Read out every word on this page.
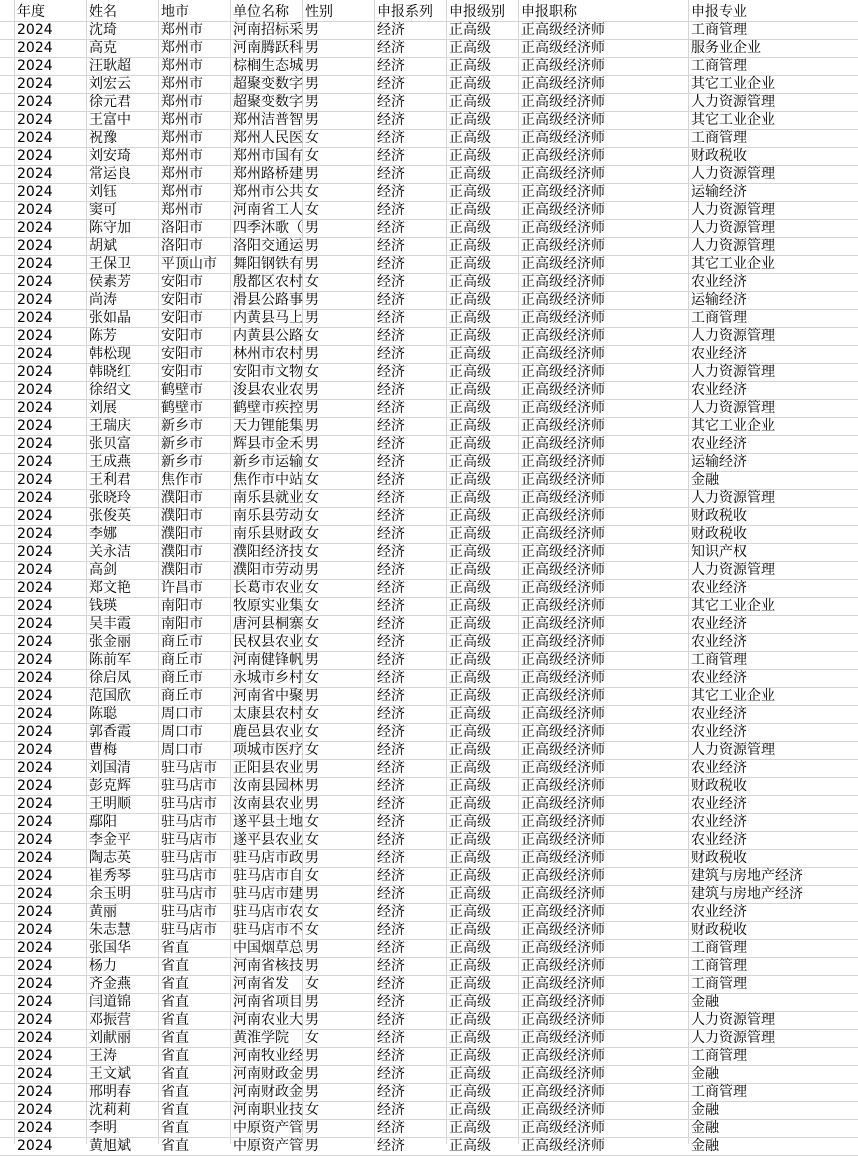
年度	姓名	地市	单位名称	性别	申报系列	申报级别	申报职称	申报专业
2024	沈琦	郑州市	河南招标采 男	经济	正高级	正高级经济师	工商管理
2024	高克	郑州市	河南腾跃科 男	经济	正高级	正高级经济师	服务业企业
2024	汪耿超	郑州市	棕榈生态城 男	经济	正高级	正高级经济师	工商管理
2024	刘宏云	郑州市	超聚变数字 男	经济	正高级	正高级经济师	其它工业企业
2024	徐元君	郑州市	超聚变数字 男	经济	正高级	正高级经济师	人力资源管理
2024	王富中	郑州市	郑州洁普智 男	经济	正高级	正高级经济师	其它工业企业
2024	祝豫	郑州市	郑州人民医 女	经济	正高级	正高级经济师	工商管理
2024	刘安琦	郑州市	郑州市国有 女	经济	正高级	正高级经济师	财政税收
2024	常运良	郑州市	郑州路桥建 男	经济	正高级	正高级经济师	人力资源管理
2024	刘钰	郑州市	郑州市公共 女	经济	正高级	正高级经济师	运输经济
2024	窦可	郑州市	河南省工人 女	经济	正高级	正高级经济师	人力资源管理
2024	陈守加	洛阳市	四季沐歌（ 男	经济	正高级	正高级经济师	人力资源管理
2024	胡斌	洛阳市	洛阳交通运 男	经济	正高级	正高级经济师	人力资源管理
2024	王保卫	平顶山市	舞阳钢铁有 男	经济	正高级	正高级经济师	其它工业企业
2024	侯素芳	安阳市	殷都区农村 女	经济	正高级	正高级经济师	农业经济
2024	尚涛	安阳市	滑县公路事 男	经济	正高级	正高级经济师	运输经济
2024	张如晶	安阳市	内黄县马上 男	经济	正高级	正高级经济师	工商管理
2024	陈芳	安阳市	内黄县公路 女	经济	正高级	正高级经济师	人力资源管理
2024	韩松现	安阳市	林州市农村 男	经济	正高级	正高级经济师	农业经济
2024	韩晓红	安阳市	安阳市文物 女	经济	正高级	正高级经济师	人力资源管理
2024	徐绍文	鹤壁市	浚县农业农 男	经济	正高级	正高级经济师	农业经济
2024	刘展	鹤壁市	鹤壁市疾控 男	经济	正高级	正高级经济师	人力资源管理
2024	王瑞庆	新乡市	天力锂能集 男	经济	正高级	正高级经济师	其它工业企业
2024	张贝富	新乡市	辉县市金禾 男	经济	正高级	正高级经济师	农业经济
2024	王成燕	新乡市	新乡市运输 女	经济	正高级	正高级经济师	运输经济
2024	王利君	焦作市	焦作市中站 女	经济	正高级	正高级经济师	金融
2024	张晓玲	濮阳市	南乐县就业 女	经济	正高级	正高级经济师	人力资源管理
2024	张俊英	濮阳市	南乐县劳动 女	经济	正高级	正高级经济师	财政税收
2024	李娜	濮阳市	南乐县财政 女	经济	正高级	正高级经济师	财政税收
2024	关永洁	濮阳市	濮阳经济技 女	经济	正高级	正高级经济师	知识产权
2024	高剑	濮阳市	濮阳市劳动 男	经济	正高级	正高级经济师	人力资源管理
2024	郑文艳	许昌市	长葛市农业 女	经济	正高级	正高级经济师	农业经济
2024	钱瑛	南阳市	牧原实业集 女	经济	正高级	正高级经济师	其它工业企业
2024	吴丰霞	南阳市	唐河县桐寨 女	经济	正高级	正高级经济师	农业经济
2024	张金丽	商丘市	民权县农业 女	经济	正高级	正高级经济师	农业经济
2024	陈前军	商丘市	河南健锋帆 男	经济	正高级	正高级经济师	工商管理
2024	徐启凤	商丘市	永城市乡村 女	经济	正高级	正高级经济师	农业经济
2024	范国欣	商丘市	河南省中聚 男	经济	正高级	正高级经济师	其它工业企业
2024	陈聪	周口市	太康县农村 女	经济	正高级	正高级经济师	农业经济
2024	郭香霞	周口市	鹿邑县农业 女	经济	正高级	正高级经济师	农业经济
2024	曹梅	周口市	项城市医疗 女	经济	正高级	正高级经济师	人力资源管理
2024	刘国清	驻马店市	正阳县农业 男	经济	正高级	正高级经济师	农业经济
2024	彭克辉	驻马店市	汝南县园林 男	经济	正高级	正高级经济师	财政税收
2024	王明顺	驻马店市	汝南县农业 男	经济	正高级	正高级经济师	农业经济
2024	鄢阳	驻马店市	遂平县土地 女	经济	正高级	正高级经济师	农业经济
2024	李金平	驻马店市	遂平县农业 女	经济	正高级	正高级经济师	农业经济
2024	陶志英	驻马店市	驻马店市政 男	经济	正高级	正高级经济师	财政税收
2024	崔秀琴	驻马店市	驻马店市自 女	经济	正高级	正高级经济师	建筑与房地产经济
2024	余玉明	驻马店市	驻马店市建 男	经济	正高级	正高级经济师	建筑与房地产经济
2024	黄丽	驻马店市	驻马店市农 女	经济	正高级	正高级经济师	农业经济
2024	朱志慧	驻马店市	驻马店市不 女	经济	正高级	正高级经济师	财政税收
2024	张国华	省直	中国烟草总 男	经济	正高级	正高级经济师	工商管理
2024	杨力	省直	河南省核技 男	经济	正高级	正高级经济师	工商管理
2024	齐金燕	省直	河南省发	女	经济	正高级	正高级经济师	工商管理
2024	闫道锦	省直	河南省项目 男	经济	正高级	正高级经济师	金融
2024	邓振营	省直	河南农业大 男	经济	正高级	正高级经济师	人力资源管理
2024	刘献丽	省直	黄淮学院	女	经济	正高级	正高级经济师	人力资源管理
2024	王涛	省直	河南牧业经 男	经济	正高级	正高级经济师	工商管理
2024	王文斌	省直	河南财政金 男	经济	正高级	正高级经济师	金融
2024	邢明春	省直	河南财政金 男	经济	正高级	正高级经济师	工商管理
2024	沈莉莉	省直	河南职业技 女	经济	正高级	正高级经济师	金融
2024	李明	省直	中原资产管 男	经济	正高级	正高级经济师	金融
2024	黄旭斌	省直	中原资产管 男	经济	正高级	正高级经济师	金融
